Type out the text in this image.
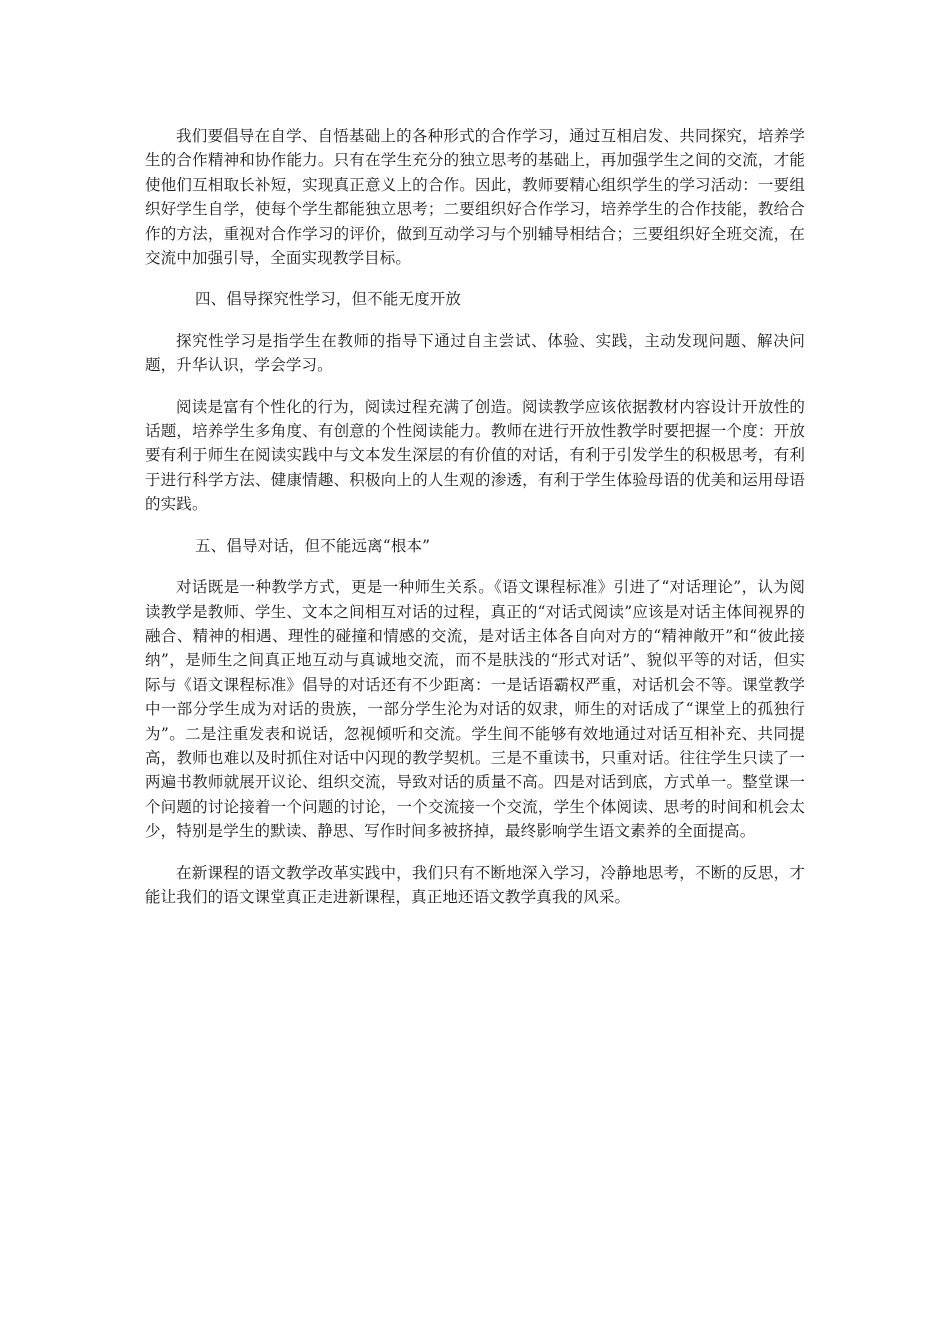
我们要倡导在自学、自悟基础上的各种形式的合作学习，通过互相启发、共同探究，培养学生的合作精神和协作能力。只有在学生充分的独立思考的基础上，再加强学生之间的交流，才能使他们互相取长补短，实现真正意义上的合作。因此，教师要精心组织学生的学习活动：一要组织好学生自学，使每个学生都能独立思考；二要组织好合作学习，培养学生的合作技能，教给合作的方法，重视对合作学习的评价，做到互动学习与个别辅导相结合；三要组织好全班交流，在交流中加强引导，全面实现教学目标。

四、倡导探究性学习，但不能无度开放

探究性学习是指学生在教师的指导下通过自主尝试、体验、实践，主动发现问题、解决问题，升华认识，学会学习。

阅读是富有个性化的行为，阅读过程充满了创造。阅读教学应该依据教材内容设计开放性的话题，培养学生多角度、有创意的个性阅读能力。教师在进行开放性教学时要把握一个度：开放要有利于师生在阅读实践中与文本发生深层的有价值的对话，有利于引发学生的积极思考，有利于进行科学方法、健康情趣、积极向上的人生观的渗透，有利于学生体验母语的优美和运用母语的实践。

五、倡导对话，但不能远离“根本”

对话既是一种教学方式，更是一种师生关系。《语文课程标准》引进了“对话理论”，认为阅读教学是教师、学生、文本之间相互对话的过程，真正的“对话式阅读”应该是对话主体间视界的融合、精神的相遇、理性的碰撞和情感的交流，是对话主体各自向对方的“精神敞开”和“彼此接纳”，是师生之间真正地互动与真诚地交流，而不是肤浅的“形式对话”、貌似平等的对话，但实际与《语文课程标准》倡导的对话还有不少距离：一是话语霸权严重，对话机会不等。课堂教学中一部分学生成为对话的贵族，一部分学生沦为对话的奴隶，师生的对话成了“课堂上的孤独行为”。二是注重发表和说话，忽视倾听和交流。学生间不能够有效地通过对话互相补充、共同提高，教师也难以及时抓住对话中闪现的教学契机。三是不重读书，只重对话。往往学生只读了一两遍书教师就展开议论、组织交流，导致对话的质量不高。四是对话到底，方式单一。整堂课一个问题的讨论接着一个问题的讨论，一个交流接一个交流，学生个体阅读、思考的时间和机会太少，特别是学生的默读、静思、写作时间多被挤掉，最终影响学生语文素养的全面提高。

在新课程的语文教学改革实践中，我们只有不断地深入学习，冷静地思考，不断的反思，才能让我们的语文课堂真正走进新课程，真正地还语文教学真我的风采。
